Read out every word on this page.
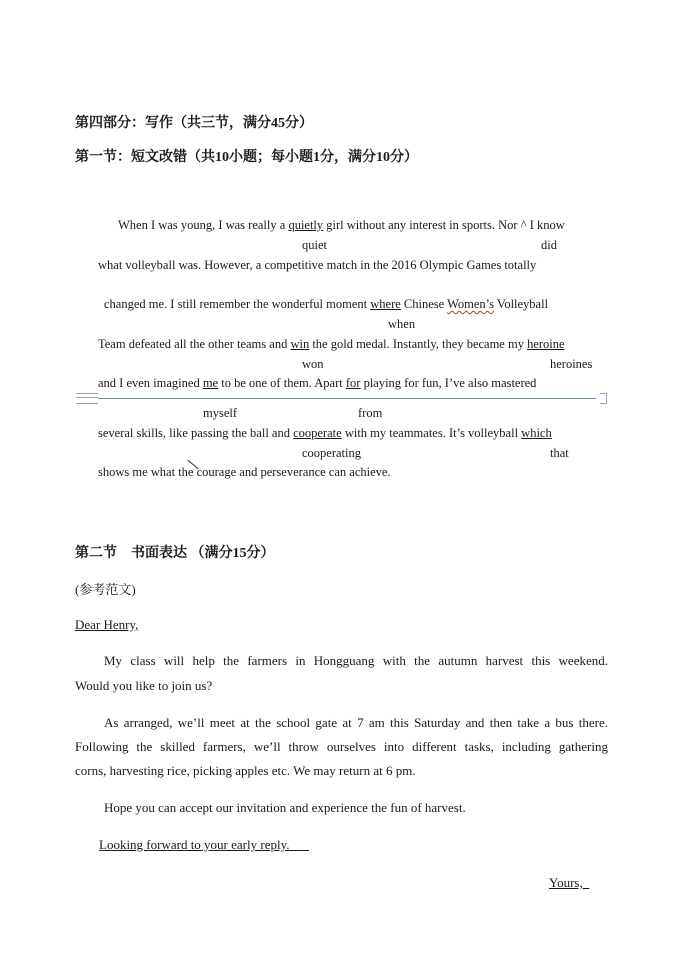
第四部分：写作（共三节，满分45分）
第一节：短文改错（共10小题；每小题1分，满分10分）
When I was young, I was really a quietly girl without any interest in sports. Nor ^ I know
quiet	did
what volleyball was. However, a competitive match in the 2016 Olympic Games totally
changed me. I still remember the wonderful moment where Chinese Women’s Volleyball
when
Team defeated all the other teams and win the gold medal. Instantly, they became my heroine
won	heroines
and I even imagined me to be one of them. Apart for playing for fun, I’ve also mastered
myself	from
several skills, like passing the ball and cooperate with my teammates. It’s volleyball which
cooperating	that
shows me what the courage and perseverance can achieve.
第二节　书面表达 （满分15分）
(参考范文)
Dear Henry,
My class will help the farmers in Hongguang with the autumn harvest this weekend.
Would you like to join us?
As arranged, we’ll meet at the school gate at 7 am this Saturday and then take a bus there.
Following the skilled farmers, we’ll throw ourselves into different tasks, including gathering
corns, harvesting rice, picking apples etc. We may return at 6 pm.
Hope you can accept our invitation and experience the fun of harvest.
Looking forward to your early reply.
Yours,
